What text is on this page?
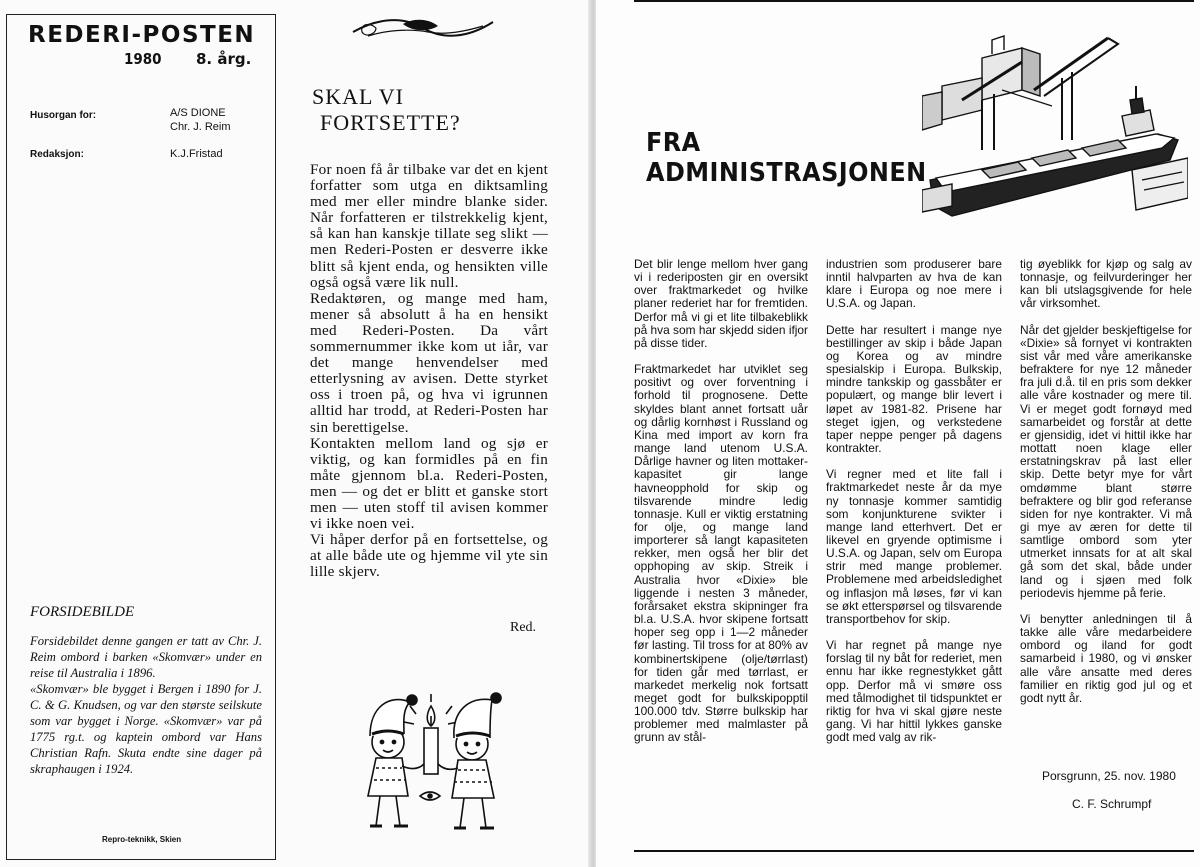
REDERI-POSTEN
1980 8. årg.
Husorgan for:	A/S DIONE
Chr. J. Reim
Redaksjon:	K.J.Fristad
FORSIDEBILDE

Forsidebildet denne gangen er tatt av Chr. J. Reim ombord i barken «Skomvær» under en reise til Australia i 1896.

«Skomvær» ble bygget i Bergen i 1890 for J. C. & G. Knudsen, og var den største seilskute som var bygget i Norge. «Skomvær» var på 1775 rg.t. og kaptein ombord var Hans Christian Rafn. Skuta endte sine dager på skraphaugen i 1924.

Repro-teknikk, Skien
SKAL VI
FORTSETTE?

For noen få år tilbake var det en kjent forfatter som utga en diktsamling med mer eller mindre blanke sider. Når forfatteren er tilstrekkelig kjent, så kan han kanskje tillate seg slikt — men Rederi-Posten er desverre ikke blitt så kjent enda, og hensikten ville også også være lik null.

Redaktøren, og mange med ham, mener så absolutt å ha en hensikt med Rederi-Posten. Da vårt sommernummer ikke kom ut iår, var det mange henvendelser med etterlysning av avisen. Dette styrket oss i troen på, og hva vi igrunnen alltid har trodd, at Rederi-Posten har sin berettigelse.

Kontakten mellom land og sjø er viktig, og kan formidles på en fin måte gjennom bl.a. Rederi-Posten, men — og det er blitt et ganske stort men — uten stoff til avisen kommer vi ikke noen vei.

Vi håper derfor på en fortsettelse, og at alle både ute og hjemme vil yte sin lille skjerv.

Red.
FRA
ADMINISTRASJONEN

Det blir lenge mellom hver gang vi i rederiposten gir en oversikt over fraktmarkedet og hvilke planer rederiet har for fremtiden. Derfor må vi gi et lite tilbakeblikk på hva som har skjedd siden ifjor på disse tider.

Fraktmarkedet har utviklet seg positivt og over forventning i forhold til prognosene. Dette skyldes blant annet fortsatt uår og dårlig kornhøst i Russland og Kina med import av korn fra mange land utenom U.S.A. Dårlige havner og liten mottaker-kapasitet gir lange havneopphold for skip og tilsvarende mindre ledig tonnasje. Kull er viktig erstatning for olje, og mange land importerer så langt kapasiteten rekker, men også her blir det opphoping av skip. Streik i Australia hvor «Dixie» ble liggende i nesten 3 måneder, forårsaket ekstra skipninger fra bl.a. U.S.A. hvor skipene fortsatt hoper seg opp i 1—2 måneder før lasting. Til tross for at 80% av kombinertskipene (olje/tørrlast) for tiden går med tørrlast, er markedet merkelig nok fortsatt meget godt for bulkskipopptil 100.000 tdv. Større bulkskip har problemer med malmlaster på grunn av stål-

industrien som produserer bare inntil halvparten av hva de kan klare i Europa og noe mere i U.S.A. og Japan.

Dette har resultert i mange nye bestillinger av skip i både Japan og Korea og av mindre spesialskip i Europa. Bulkskip, mindre tankskip og gassbåter er populært, og mange blir levert i løpet av 1981-82. Prisene har steget igjen, og verkstedene taper neppe penger på dagens kontrakter.

Vi regner med et lite fall i fraktmarkedet neste år da mye ny tonnasje kommer samtidig som konjunkturene svikter i mange land etterhvert. Det er likevel en gryende optimisme i U.S.A. og Japan, selv om Europa strir med mange problemer. Problemene med arbeidsledighet og inflasjon må løses, før vi kan se økt etterspørsel og tilsvarende transportbehov for skip.

Vi har regnet på mange nye forslag til ny båt for rederiet, men ennu har ikke regnestykket gått opp. Derfor må vi smøre oss med tålmodighet til tidspunktet er riktig for hva vi skal gjøre neste gang. Vi har hittil lykkes ganske godt med valg av rik-

tig øyeblikk for kjøp og salg av tonnasje, og feilvurderinger her kan bli utslagsgivende for hele vår virksomhet.

Når det gjelder beskjeftigelse for «Dixie» så fornyet vi kontrakten sist vår med våre amerikanske befraktere for nye 12 måneder fra juli d.å. til en pris som dekker alle våre kostnader og mere til. Vi er meget godt fornøyd med samarbeidet og forstår at dette er gjensidig, idet vi hittil ikke har mottatt noen klage eller erstatningskrav på last eller skip. Dette betyr mye for vårt omdømme blant større befraktere og blir god referanse siden for nye kontrakter. Vi må gi mye av æren for dette til samtlige ombord som yter utmerket innsats for at alt skal gå som det skal, både under land og i sjøen med folk periodevis hjemme på ferie.

Vi benytter anledningen til å takke alle våre medarbeidere ombord og iland for godt samarbeid i 1980, og vi ønsker alle våre ansatte med deres familier en riktig god jul og et godt nytt år.

Porsgrunn, 25. nov. 1980
C. F. Schrumpf
